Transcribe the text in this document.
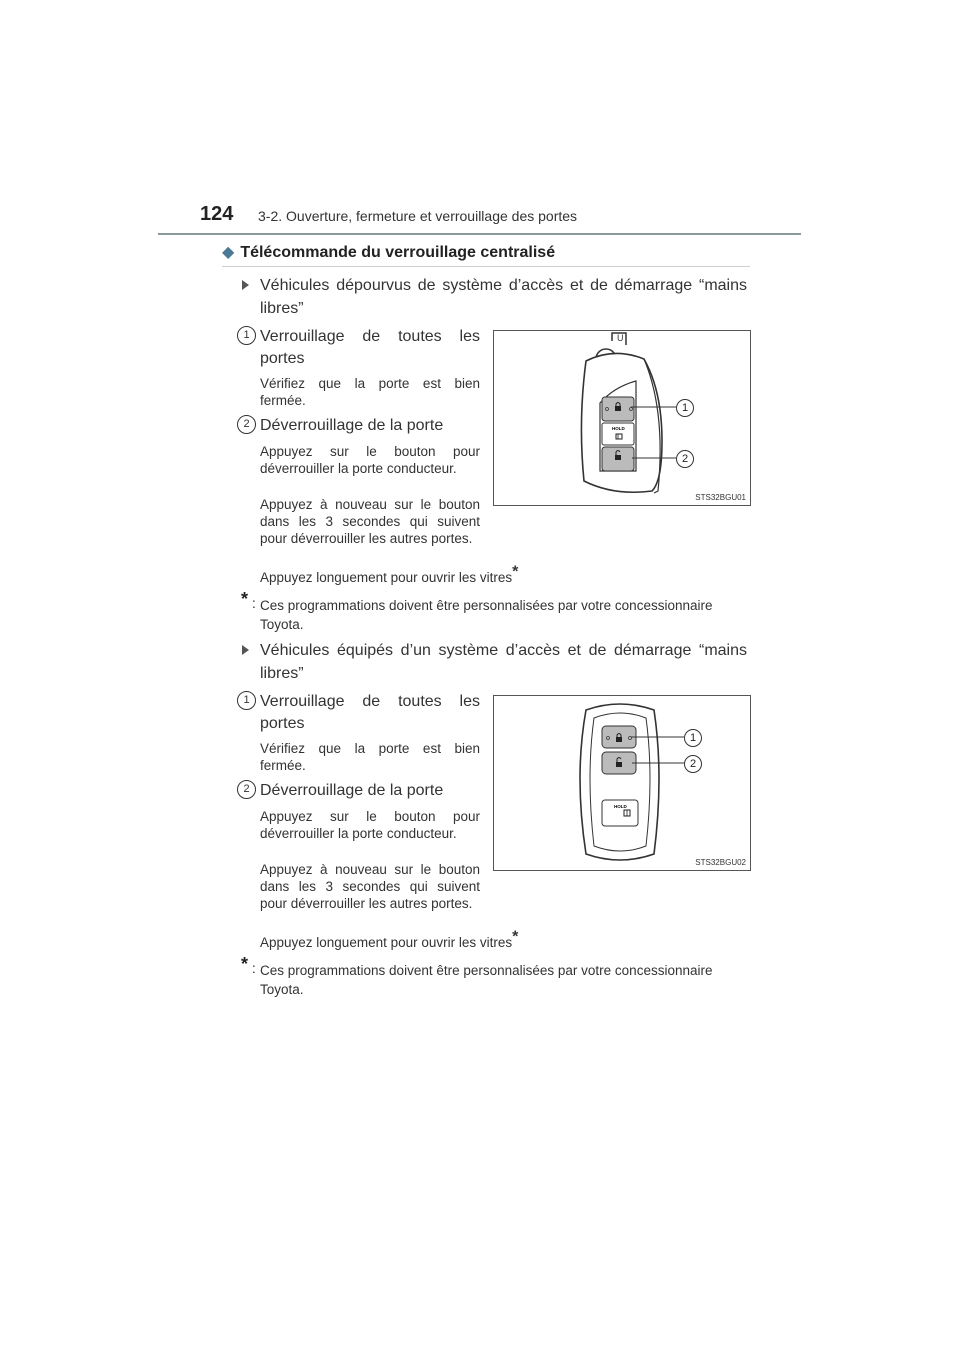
124 3-2. Ouverture, fermeture et verrouillage des portes
◆ Télécommande du verrouillage centralisé
Véhicules dépourvus de système d’accès et de démarrage “mains libres”
1 Verrouillage de toutes les
portes
Vérifiez que la porte est bien fermée.
2 Déverrouillage de la porte
Appuyez sur le bouton pour déverrouiller la porte conducteur.
Appuyez à nouveau sur le bouton dans les 3 secondes qui suivent pour déverrouiller les autres portes.
Appuyez longuement pour ouvrir les vitres*
* : Ces programmations doivent être personnalisées par votre concessionnaire Toyota.
HOLD
1
2
U
STS32BGU01
Véhicules équipés d’un système d’accès et de démarrage “mains libres”
1 Verrouillage de toutes les
portes
Vérifiez que la porte est bien fermée.
2 Déverrouillage de la porte
Appuyez sur le bouton pour déverrouiller la porte conducteur.
Appuyez à nouveau sur le bouton dans les 3 secondes qui suivent pour déverrouiller les autres portes.
Appuyez longuement pour ouvrir les vitres*
* : Ces programmations doivent être personnalisées par votre concessionnaire Toyota.
HOLD
1
2
STS32BGU02
